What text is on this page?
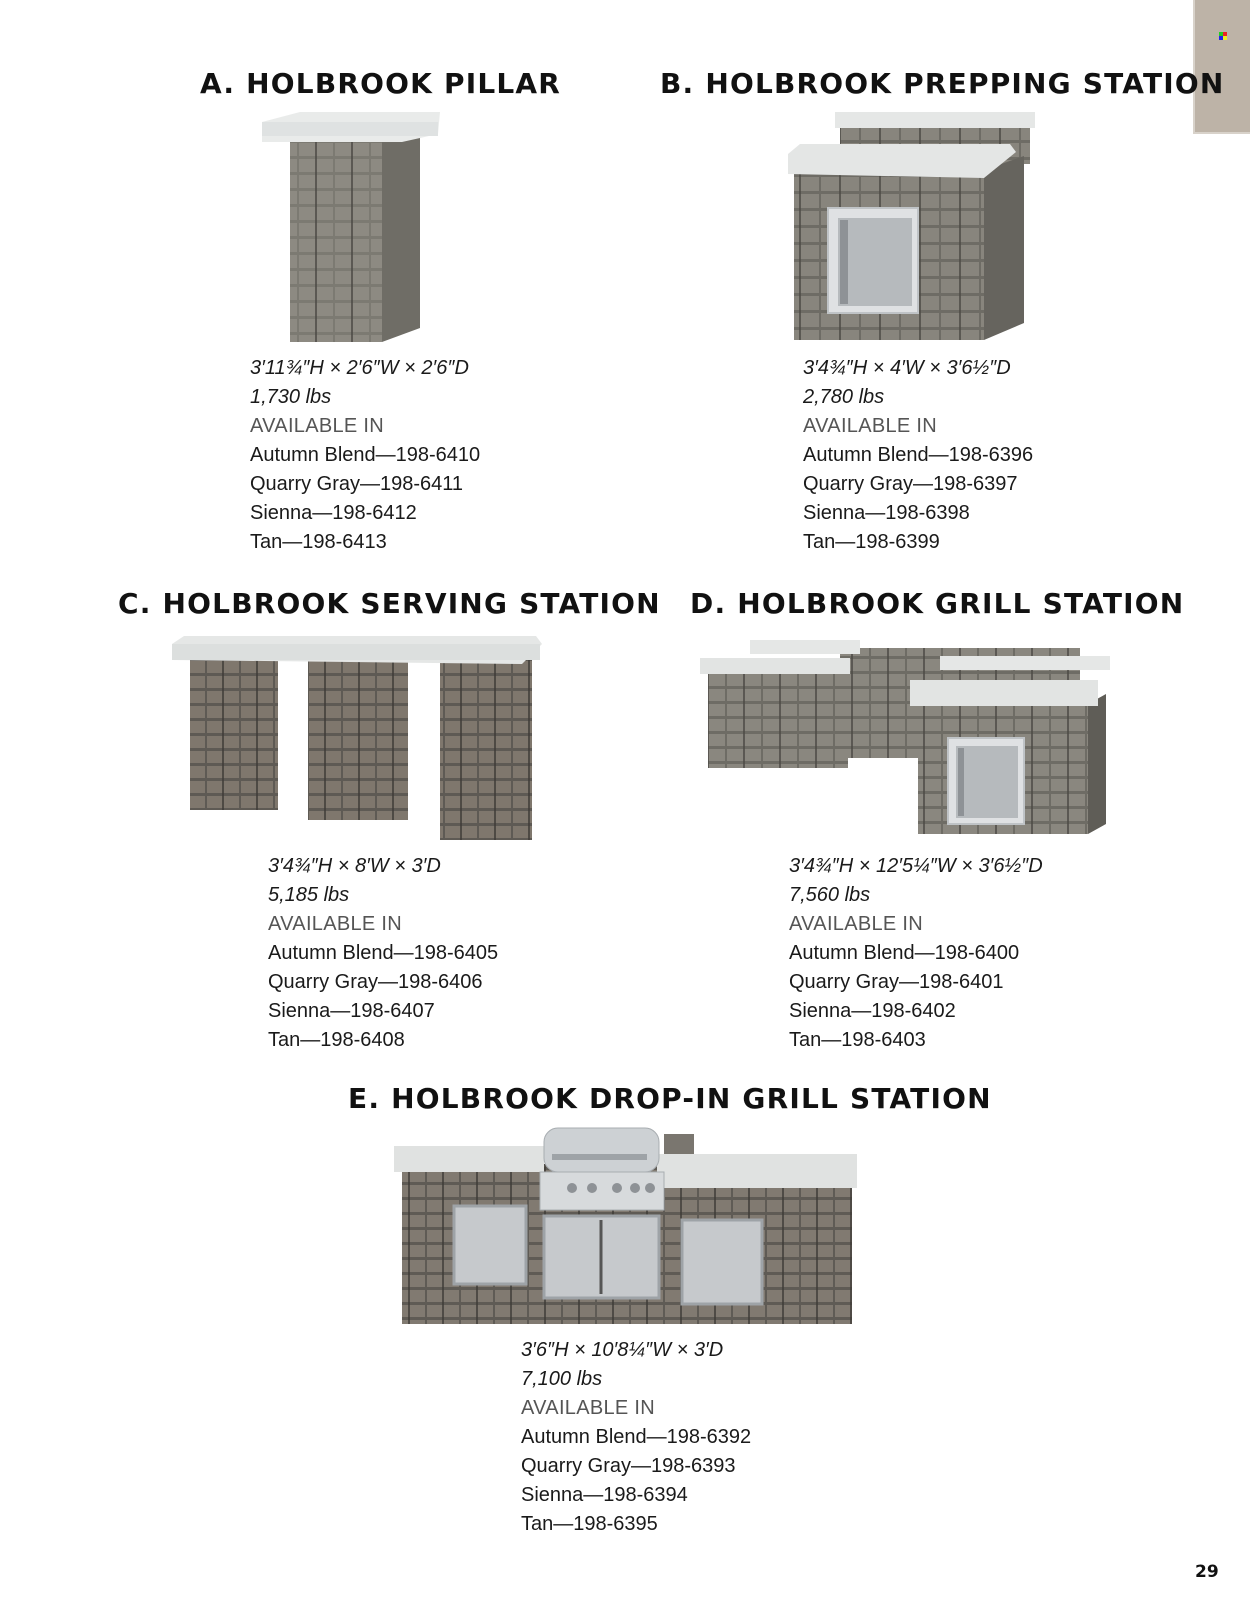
A. HOLBROOK PILLAR
3′11¾″H × 2′6″W × 2′6″D
1,730 lbs
AVAILABLE IN
Autumn Blend—198-6410
Quarry Gray—198-6411
Sienna—198-6412
Tan—198-6413
B. HOLBROOK PREPPING STATION
3′4¾″H × 4′W × 3′6½″D
2,780 lbs
AVAILABLE IN
Autumn Blend—198-6396
Quarry Gray—198-6397
Sienna—198-6398
Tan—198-6399
C. HOLBROOK SERVING STATION
3′4¾″H × 8′W × 3′D
5,185 lbs
AVAILABLE IN
Autumn Blend—198-6405
Quarry Gray—198-6406
Sienna—198-6407
Tan—198-6408
D. HOLBROOK GRILL STATION
3′4¾″H × 12′5¼″W × 3′6½″D
7,560 lbs
AVAILABLE IN
Autumn Blend—198-6400
Quarry Gray—198-6401
Sienna—198-6402
Tan—198-6403
E. HOLBROOK DROP-IN GRILL STATION
3′6″H × 10′8¼″W × 3′D
7,100 lbs
AVAILABLE IN
Autumn Blend—198-6392
Quarry Gray—198-6393
Sienna—198-6394
Tan—198-6395
29
